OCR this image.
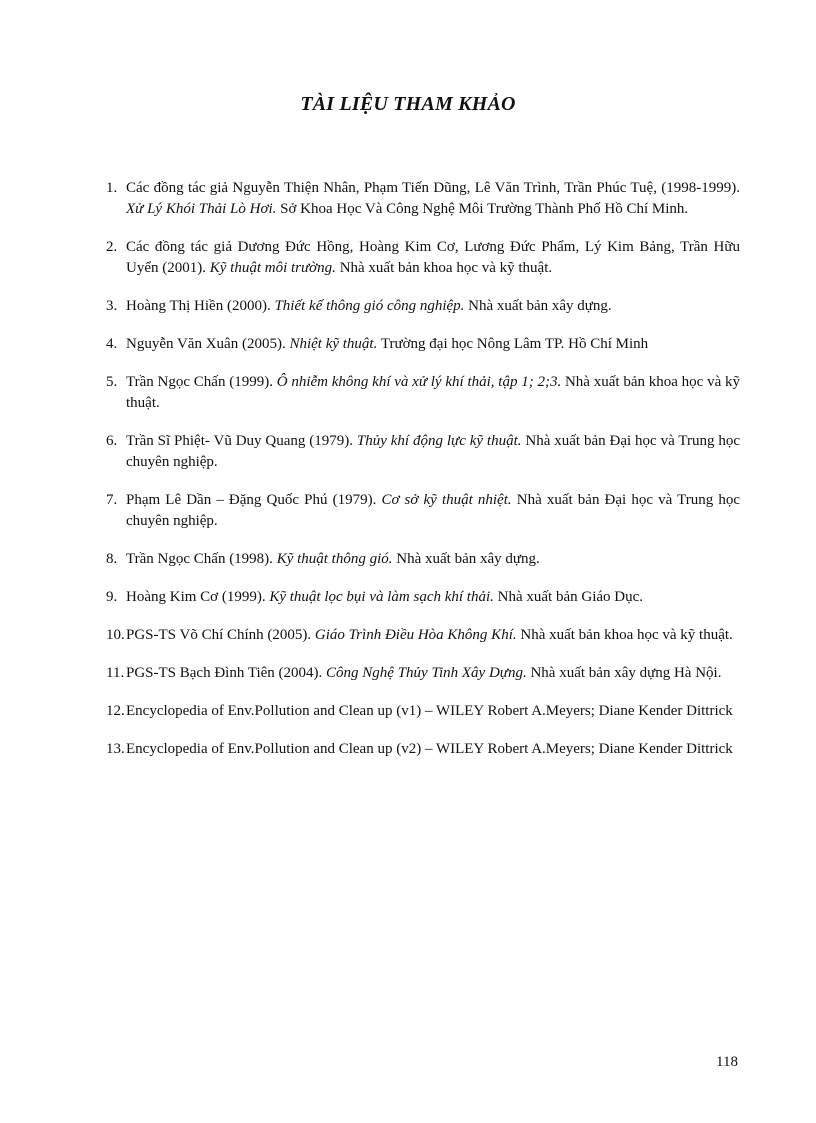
TÀI LIỆU THAM KHẢO
1. Các đồng tác giả Nguyễn Thiện Nhân, Phạm Tiến Dũng, Lê Văn Trình, Trần Phúc Tuệ, (1998-1999). Xử Lý Khói Thải Lò Hơi. Sở Khoa Học Và Công Nghệ Môi Trường Thành Phố Hồ Chí Minh.
2. Các đồng tác giả Dương Đức Hồng, Hoàng Kim Cơ, Lương Đức Phẩm, Lý Kim Bảng, Trần Hữu Uyển (2001). Kỹ thuật môi trường. Nhà xuất bản khoa học và kỹ thuật.
3. Hoàng Thị Hiền (2000). Thiết kế thông gió công nghiệp. Nhà xuất bản xây dựng.
4. Nguyễn Văn Xuân (2005). Nhiệt kỹ thuật. Trường đại học Nông Lâm TP. Hồ Chí Minh
5. Trần Ngọc Chấn (1999). Ô nhiễm không khí và xử lý khí thải, tập 1; 2;3. Nhà xuất bản khoa học và kỹ thuật.
6. Trần Sĩ Phiệt- Vũ Duy Quang (1979). Thủy khí động lực kỹ thuật. Nhà xuất bản Đại học và Trung học chuyên nghiệp.
7. Phạm Lê Dần – Đặng Quốc Phú (1979). Cơ sở kỹ thuật nhiệt. Nhà xuất bản Đại học và Trung học chuyên nghiệp.
8. Trần Ngọc Chấn (1998). Kỹ thuật thông gió. Nhà xuất bản xây dựng.
9. Hoàng Kim Cơ (1999). Kỹ thuật lọc bụi và làm sạch khí thải. Nhà xuất bản Giáo Dục.
10. PGS-TS Võ Chí Chính (2005). Giáo Trình Điều Hòa Không Khí. Nhà xuất bản khoa học và kỹ thuật.
11. PGS-TS Bạch Đình Tiên (2004). Công Nghệ Thủy Tinh Xây Dựng. Nhà xuất bản xây dựng Hà Nội.
12. Encyclopedia of Env.Pollution and Clean up (v1) – WILEY Robert A.Meyers; Diane Kender Dittrick
13. Encyclopedia of Env.Pollution and Clean up (v2) – WILEY Robert A.Meyers; Diane Kender Dittrick
118
